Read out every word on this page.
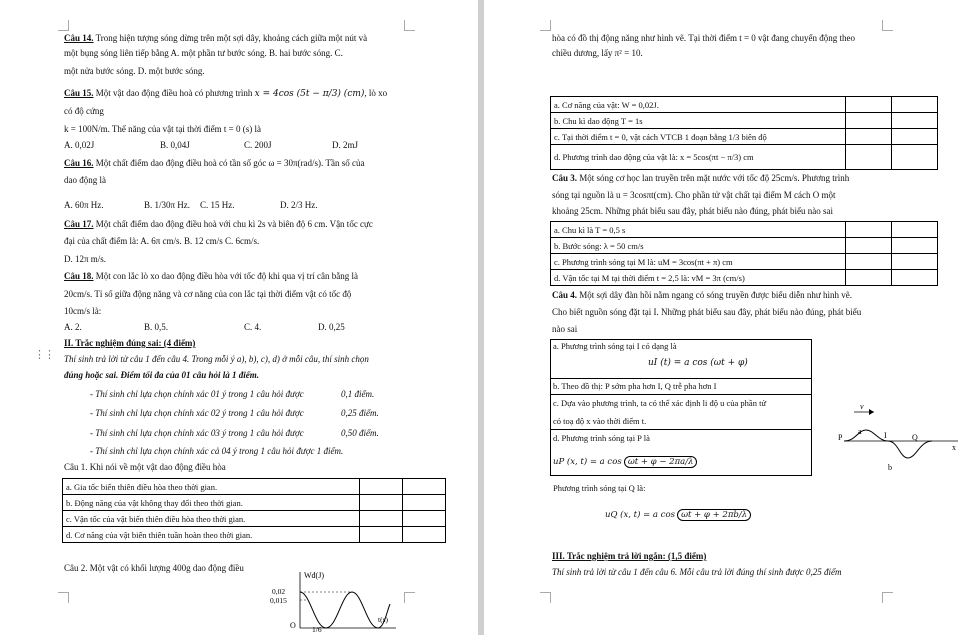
⋮⋮
Câu 14. Trong hiện tượng sóng dừng trên một sợi dây, khoảng cách giữa một nút và
một bụng sóng liên tiếp bằng A. một phần tư bước sóng. B. hai bước sóng. C.
một nửa bước sóng. D. một bước sóng.
Câu 15. Một vật dao động điều hoà có phương trình x = 4cos (5t − π/3) (cm), lò xo
có độ cứng
k = 100N/m. Thế năng của vật tại thời điểm t = 0 (s) là
A. 0,02J	B. 0,04J	C. 200J	D. 2mJ
Câu 16. Một chất điểm dao động điều hoà có tần số góc ω = 30π(rad/s). Tần số của
dao động là
A. 60π Hz.	B. 1/30π Hz. C. 15 Hz.	D. 2/3 Hz.
Câu 17. Một chất điểm dao động điều hoà với chu kì 2s và biên độ 6 cm. Vận tốc cực
đại của chất điểm là: A. 6π cm/s. B. 12 cm/s C. 6cm/s.
D. 12π m/s.
Câu 18. Một con lắc lò xo dao động điều hòa với tốc độ khi qua vị trí cân bằng là
20cm/s. Tỉ số giữa động năng và cơ năng của con lắc tại thời điểm vật có tốc độ
10cm/s là:
A. 2.	B. 0,5.	C. 4.	D. 0,25
II. Trắc nghiệm đúng sai: (4 điểm)
Thí sinh trả lời từ câu 1 đến câu 4. Trong mỗi ý a), b), c), d) ở mỗi câu, thí sinh chọn
đúng hoặc sai. Điểm tối đa của 01 câu hỏi là 1 điểm.
- Thí sinh chỉ lựa chọn chính xác 01 ý trong 1 câu hỏi được	0,1 điểm.
- Thí sinh chỉ lựa chọn chính xác 02 ý trong 1 câu hỏi được	0,25 điểm.
- Thí sinh chỉ lựa chọn chính xác 03 ý trong 1 câu hỏi được	0,50 điểm.
- Thí sinh chỉ lựa chọn chính xác cả 04 ý trong 1 câu hỏi được 1 điểm.
Câu 1. Khi nói về một vật dao động điều hòa
a. Gia tốc biến thiên điều hòa theo thời gian.		
b. Động năng của vật không thay đổi theo thời gian.		
c. Vận tốc của vật biến thiên điều hòa theo thời gian.		
d. Cơ năng của vật biến thiên tuần hoàn theo thời gian.		
Câu 2. Một vật có khối lượng 400g dao động điều
Wđ(J)
0,02
0,015
O 1/6
t(s)
hòa có đồ thị động năng như hình vẽ. Tại thời điểm t = 0 vật đang chuyển động theo
chiều dương, lấy π² = 10.
a. Cơ năng của vật: W = 0,02J.		
b. Chu kì dao động T = 1s		
c. Tại thời điểm t = 0, vật cách VTCB 1 đoạn bằng 1/3 biên độ		
d. Phương trình dao động của vật là: x = 5cos(πt − π/3) cm		
Câu 3. Một sóng cơ học lan truyền trên mặt nước với tốc độ 25cm/s. Phương trình
sóng tại nguồn là u = 3cosπt(cm). Cho phần tử vật chất tại điểm M cách O một
khoảng 25cm. Những phát biểu sau đây, phát biểu nào đúng, phát biểu nào sai
a. Chu kì là T = 0,5 s		
b. Bước sóng: λ = 50 cm/s		
c. Phương trình sóng tại M là: uM = 3cos(πt + π) cm		
d. Vận tốc tại M tại thời điểm t = 2,5 là: vM = 3π (cm/s)		
Câu 4. Một sợi dây đàn hồi nằm ngang có sóng truyền được biểu diễn như hình vẽ.
Cho biết nguồn sóng đặt tại I. Những phát biểu sau đây, phát biểu nào đúng, phát biểu
nào sai
a. Phương trình sóng tại I có dạng là
uI (t) = a cos (ωt + φ)
b. Theo đồ thị: P sớm pha hơn I, Q trễ pha hơn I
c. Dựa vào phương trình, ta có thể xác định li độ u của phần tử
có toạ độ x vào thời điểm t.
d. Phương trình sóng tại P là
uP (x, t) = a cos ωt + φ − 2πa/λ
Phương trình sóng tại Q là:
uQ (x, t) = a cos ωt + φ + 2πb/λ
v
a
b
P	I	Q
x
III. Trắc nghiệm trả lời ngắn: (1,5 điểm)
Thí sinh trả lời từ câu 1 đến câu 6. Mỗi câu trả lời đúng thí sinh được 0,25 điểm
